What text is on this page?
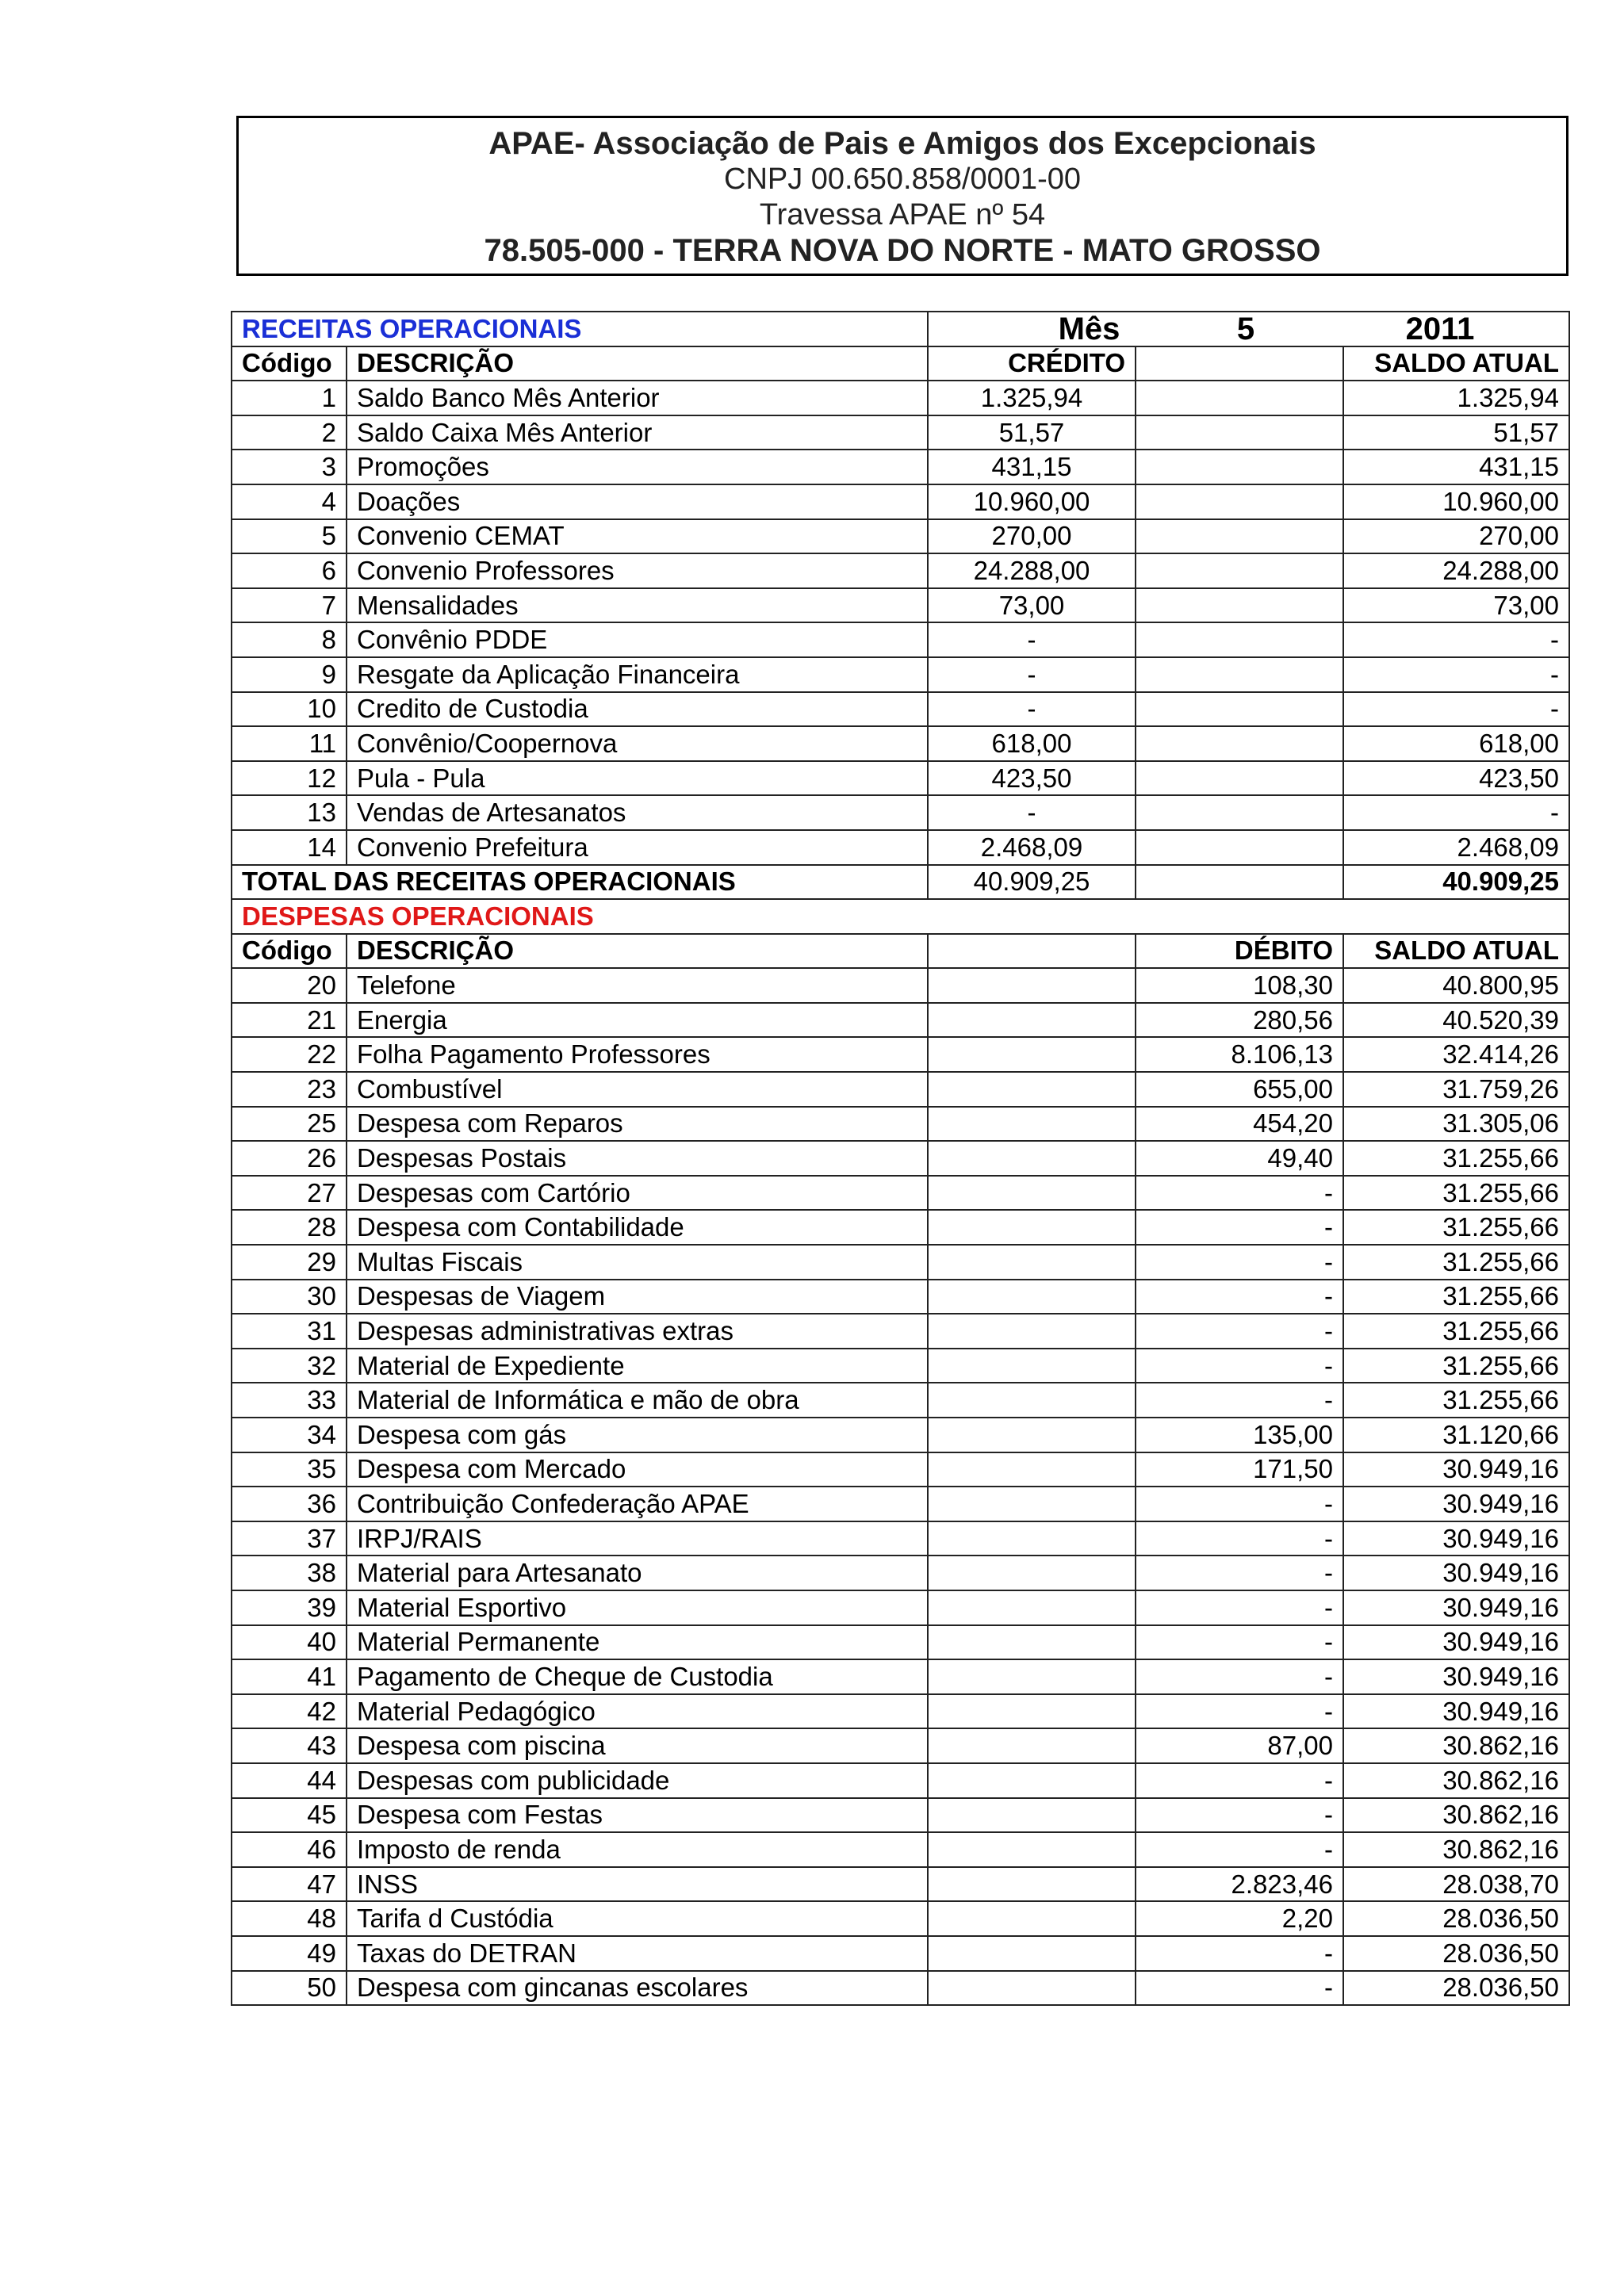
APAE- Associação de Pais e Amigos dos Excepcionais
CNPJ 00.650.858/0001-00
Travessa APAE nº 54
78.505-000 - TERRA NOVA DO NORTE - MATO GROSSO
RECEITAS OPERACIONAIS		Mês 5 2011		
Código	DESCRIÇÃO	CRÉDITO		SALDO ATUAL
1	Saldo Banco Mês Anterior	1.325,94		1.325,94
2	Saldo Caixa Mês Anterior	51,57		51,57
3	Promoções	431,15		431,15
4	Doações	10.960,00		10.960,00
5	Convenio CEMAT	270,00		270,00
6	Convenio Professores	24.288,00		24.288,00
7	Mensalidades	73,00		73,00
8	Convênio PDDE	-		-
9	Resgate da Aplicação Financeira	-		-
10	Credito de Custodia	-		-
11	Convênio/Coopernova	618,00		618,00
12	Pula - Pula	423,50		423,50
13	Vendas de Artesanatos	-		-
14	Convenio Prefeitura	2.468,09		2.468,09
TOTAL DAS RECEITAS OPERACIONAIS		40.909,25		40.909,25
DESPESAS OPERACIONAIS				
Código	DESCRIÇÃO		DÉBITO	SALDO ATUAL
20	Telefone		108,30	40.800,95
21	Energia		280,56	40.520,39
22	Folha Pagamento Professores		8.106,13	32.414,26
23	Combustível		655,00	31.759,26
25	Despesa com Reparos		454,20	31.305,06
26	Despesas Postais		49,40	31.255,66
27	Despesas com Cartório		-	31.255,66
28	Despesa com Contabilidade		-	31.255,66
29	Multas Fiscais		-	31.255,66
30	Despesas de Viagem		-	31.255,66
31	Despesas administrativas extras		-	31.255,66
32	Material de Expediente		-	31.255,66
33	Material de Informática e mão de obra		-	31.255,66
34	Despesa com gás		135,00	31.120,66
35	Despesa com Mercado		171,50	30.949,16
36	Contribuição Confederação APAE		-	30.949,16
37	IRPJ/RAIS		-	30.949,16
38	Material para Artesanato		-	30.949,16
39	Material Esportivo		-	30.949,16
40	Material Permanente		-	30.949,16
41	Pagamento de Cheque de Custodia		-	30.949,16
42	Material Pedagógico		-	30.949,16
43	Despesa com piscina		87,00	30.862,16
44	Despesas com publicidade		-	30.862,16
45	Despesa com Festas		-	30.862,16
46	Imposto de renda		-	30.862,16
47	INSS		2.823,46	28.038,70
48	Tarifa d Custódia		2,20	28.036,50
49	Taxas do DETRAN		-	28.036,50
50	Despesa com gincanas escolares		-	28.036,50
